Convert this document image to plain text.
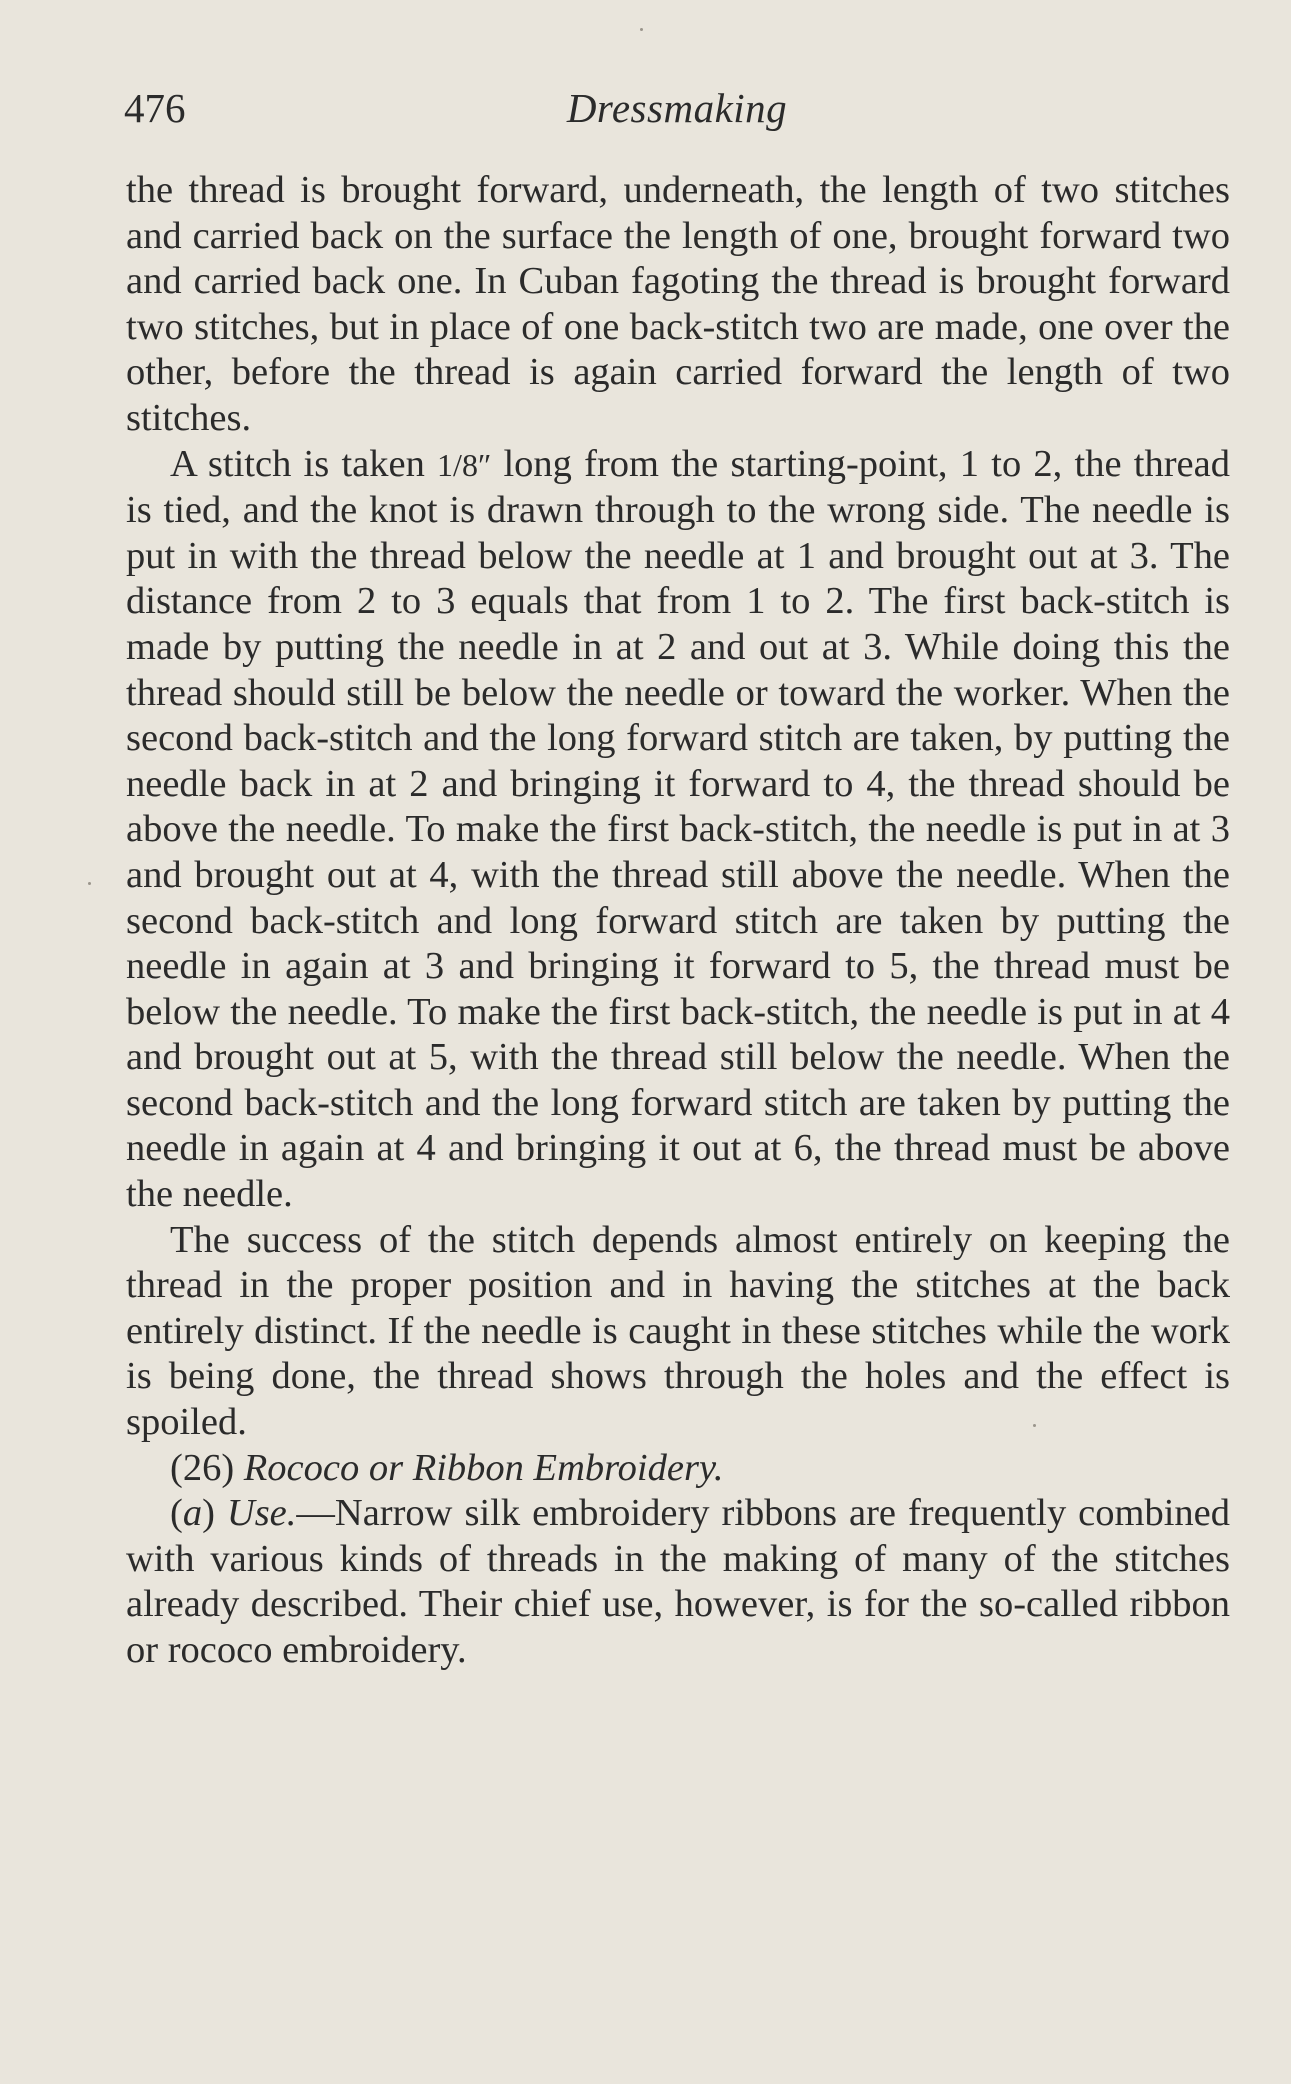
476	Dressmaking

the thread is brought forward, underneath, the length of two stitches and carried back on the surface the length of one, brought forward two and carried back one. In Cuban fagoting the thread is brought forward two stitches, but in place of one back-stitch two are made, one over the other, before the thread is again carried forward the length of two stitches.

A stitch is taken 1/8″ long from the starting-point, 1 to 2, the thread is tied, and the knot is drawn through to the wrong side. The needle is put in with the thread below the needle at 1 and brought out at 3. The distance from 2 to 3 equals that from 1 to 2. The first back-stitch is made by putting the needle in at 2 and out at 3. While doing this the thread should still be below the needle or toward the worker. When the second back-stitch and the long forward stitch are taken, by putting the needle back in at 2 and bringing it forward to 4, the thread should be above the needle. To make the first back-stitch, the needle is put in at 3 and brought out at 4, with the thread still above the needle. When the second back-stitch and long forward stitch are taken by putting the needle in again at 3 and bringing it forward to 5, the thread must be below the needle. To make the first back-stitch, the needle is put in at 4 and brought out at 5, with the thread still below the needle. When the second back-stitch and the long forward stitch are taken by putting the needle in again at 4 and bringing it out at 6, the thread must be above the needle.

The success of the stitch depends almost entirely on keeping the thread in the proper position and in having the stitches at the back entirely distinct. If the needle is caught in these stitches while the work is being done, the thread shows through the holes and the effect is spoiled.

(26) Rococo or Ribbon Embroidery.

(a) Use.—Narrow silk embroidery ribbons are frequently combined with various kinds of threads in the making of many of the stitches already described. Their chief use, however, is for the so-called ribbon or rococo embroidery.
